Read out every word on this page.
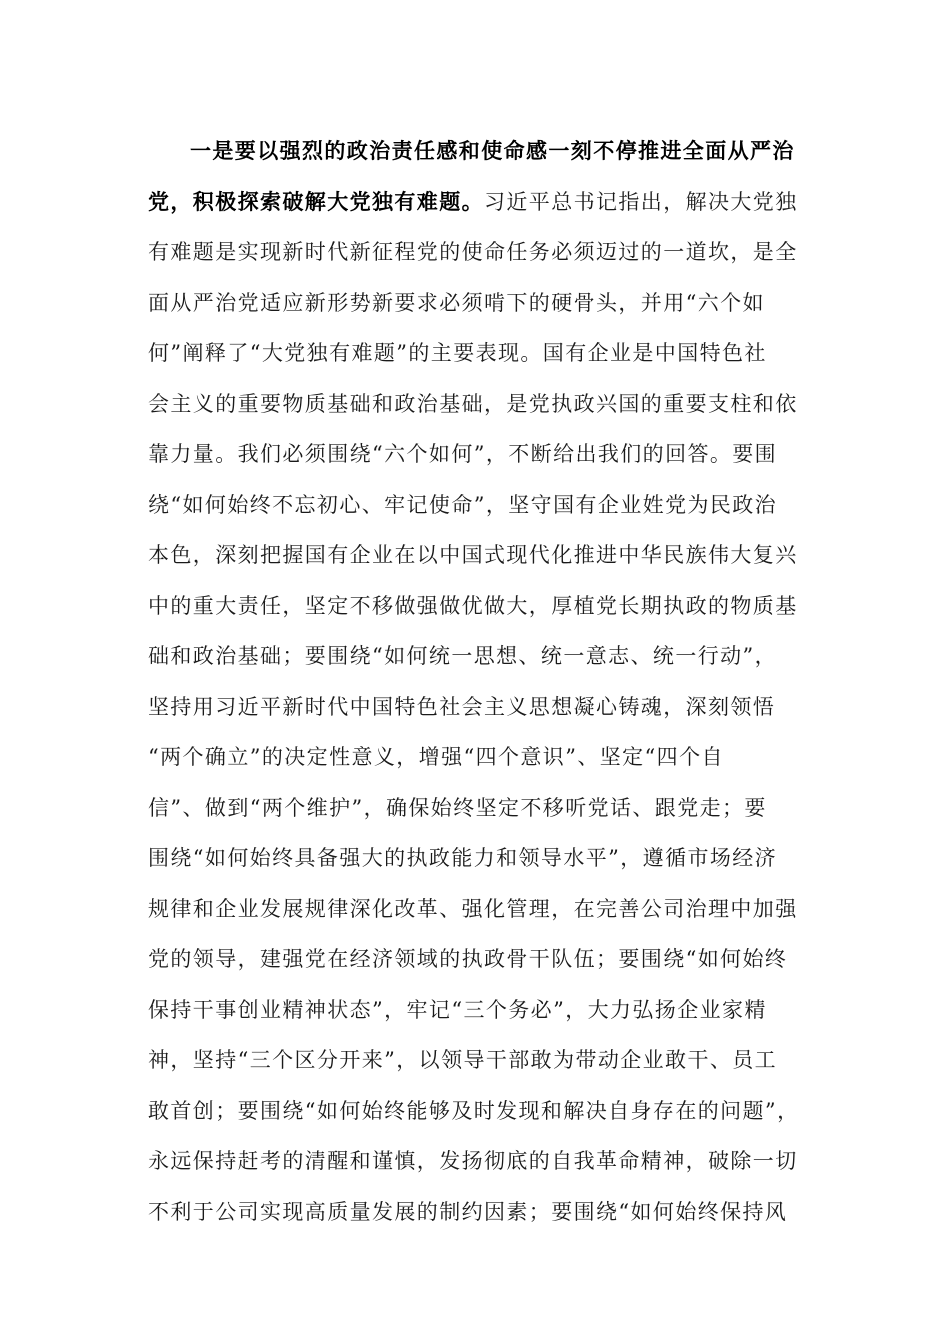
一是要以强烈的政治责任感和使命感一刻不停推进全面从严治
党，积极探索破解大党独有难题。习近平总书记指出，解决大党独
有难题是实现新时代新征程党的使命任务必须迈过的一道坎，是全
面从严治党适应新形势新要求必须啃下的硬骨头，并用“六个如
何”阐释了“大党独有难题”的主要表现。国有企业是中国特色社
会主义的重要物质基础和政治基础，是党执政兴国的重要支柱和依
靠力量。我们必须围绕“六个如何”，不断给出我们的回答。要围
绕“如何始终不忘初心、牢记使命”，坚守国有企业姓党为民政治
本色，深刻把握国有企业在以中国式现代化推进中华民族伟大复兴
中的重大责任，坚定不移做强做优做大，厚植党长期执政的物质基
础和政治基础；要围绕“如何统一思想、统一意志、统一行动”，
坚持用习近平新时代中国特色社会主义思想凝心铸魂，深刻领悟
“两个确立”的决定性意义，增强“四个意识”、坚定“四个自
信”、做到“两个维护”，确保始终坚定不移听党话、跟党走；要
围绕“如何始终具备强大的执政能力和领导水平”，遵循市场经济
规律和企业发展规律深化改革、强化管理，在完善公司治理中加强
党的领导，建强党在经济领域的执政骨干队伍；要围绕“如何始终
保持干事创业精神状态”，牢记“三个务必”，大力弘扬企业家精
神，坚持“三个区分开来”，以领导干部敢为带动企业敢干、员工
敢首创；要围绕“如何始终能够及时发现和解决自身存在的问题”，
永远保持赶考的清醒和谨慎，发扬彻底的自我革命精神，破除一切
不利于公司实现高质量发展的制约因素；要围绕“如何始终保持风
